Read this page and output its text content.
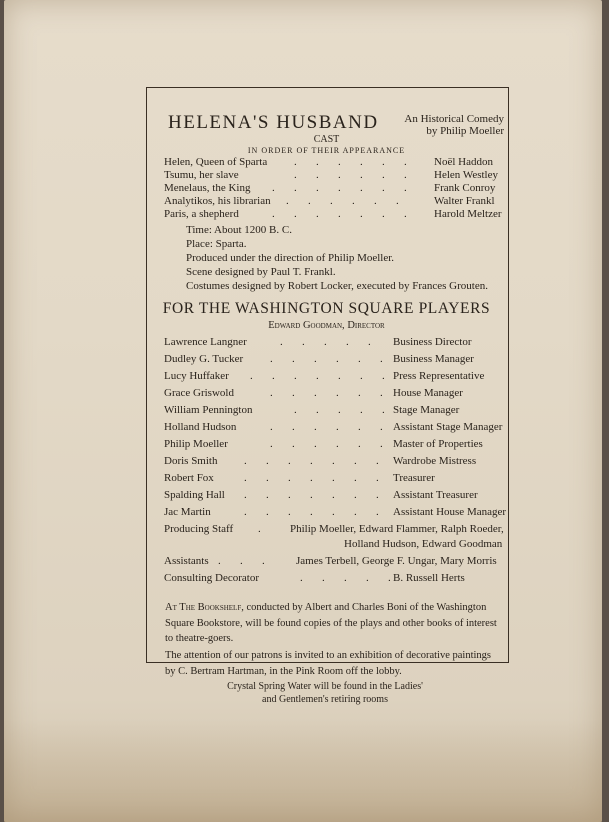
HELENA'S HUSBAND	An Historical Comedy by Philip Moeller
CAST
IN ORDER OF THEIR APPEARANCE
Helen, Queen of Sparta .       .       .       .       .       . Noël Haddon
Tsumu, her slave	.       .       .       .       .       . Helen Westley
Menelaus, the King .       .       .       .       .       .       . Frank Conroy
Analytikos, his librarian .       .       .       .       .       .	Walter Frankl
Paris, a shepherd	.       .       .       .       .       .       . Harold Meltzer
Time: About 1200 B. C.
Place: Sparta.
Produced under the direction of Philip Moeller.
Scene designed by Paul T. Frankl.
Costumes designed by Robert Locker, executed by Frances Grouten.
FOR THE WASHINGTON SQUARE PLAYERS
Edward Goodman, Director
Lawrence Langner	.       .       .       .       . Business Director
Dudley G. Tucker .       .       .       .       .       . Business Manager
Lucy Huffaker .       .       .       .       .       .       . Press Representative
Grace Griswold	.       .       .       .       .       . House Manager
William Pennington	.       .       .       .       . Stage Manager
Holland Hudson	.       .       .       .       .       . Assistant Stage Manager
Philip Moeller	.       .       .       .       .       . Master of Properties
Doris Smith .       .       .       .       .       .       . Wardrobe Mistress
Robert Fox	.       .       .       .       .       .       . Treasurer
Spalding Hall .       .       .       .       .       .       . Assistant Treasurer
Jac Martin	.       .       .       .       .       .       . Assistant House Manager
Producing Staff .	Philip Moeller, Edward Flammer, Ralph Roeder,
Holland Hudson, Edward Goodman
Assistants .       .       .	James Terbell, George F. Ungar, Mary Morris
Consulting Decorator	.       .       .       .       . B. Russell Herts
At The Bookshelf, conducted by Albert and Charles Boni of the Washington Square Bookstore, will be found copies of the plays and other books of interest to theatre-goers.
The attention of our patrons is invited to an exhibition of decorative paintings by C. Bertram Hartman, in the Pink Room off the lobby.
Crystal Spring Water will be found in the Ladies' and Gentlemen's retiring rooms
